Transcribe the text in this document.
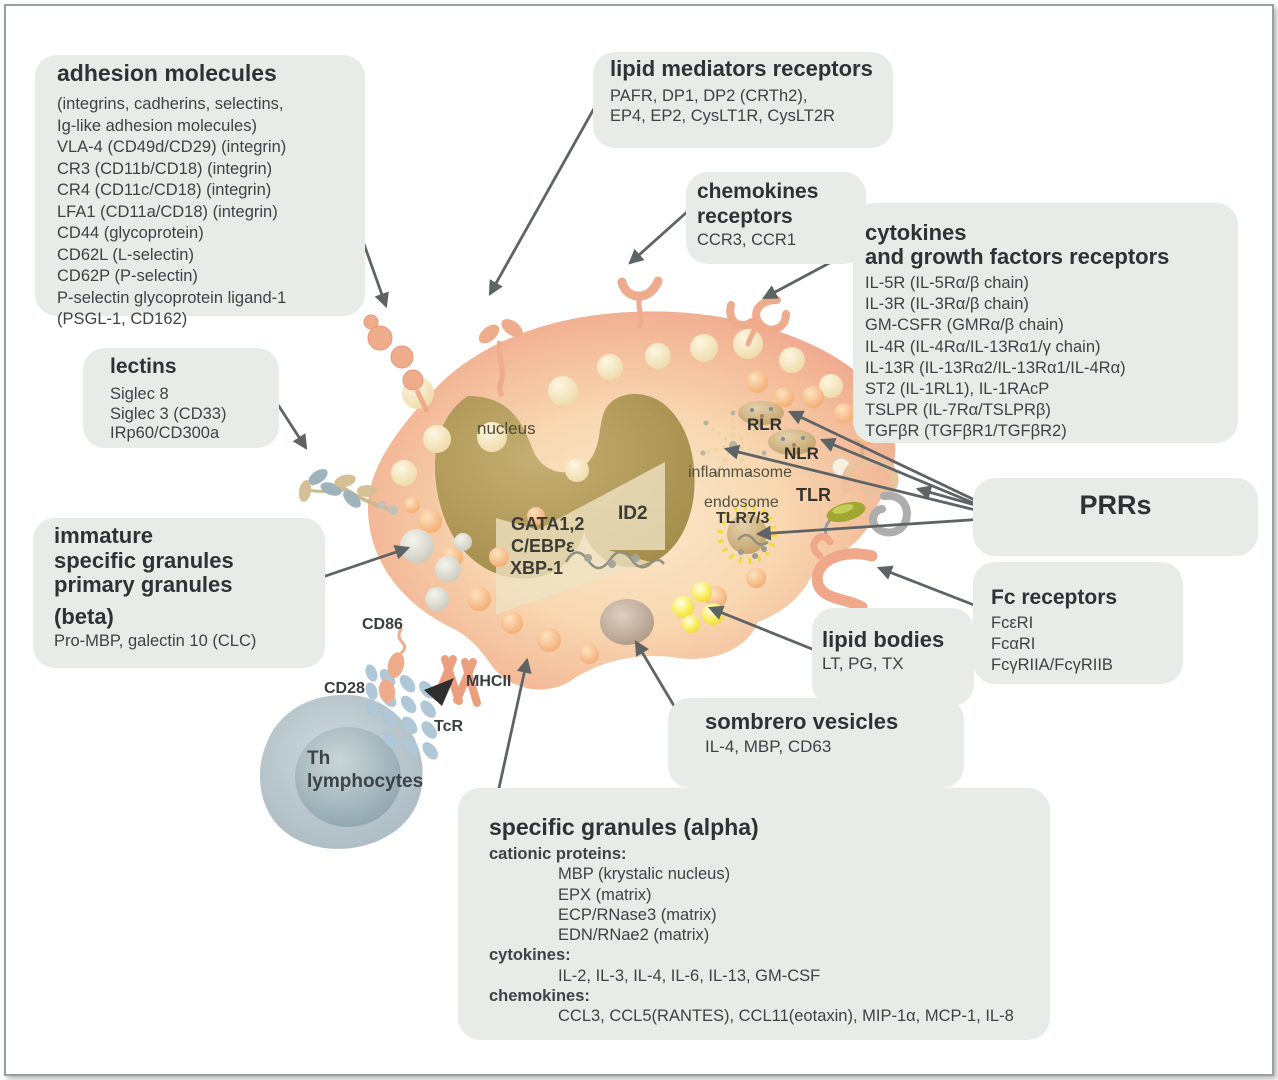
adhesion molecules

(integrins, cadherins, selectins,

Ig-like adhesion molecules)

VLA-4 (CD49d/CD29) (integrin)

CR3 (CD11b/CD18) (integrin)

CR4 (CD11c/CD18) (integrin)

LFA1 (CD11a/CD18) (integrin)

CD44 (glycoprotein)

CD62L (L-selectin)

CD62P (P-selectin)

P-selectin glycoprotein ligand-1

(PSGL-1, CD162)

lipid mediators receptors

PAFR, DP1, DP2 (CRTh2),

EP4, EP2, CysLT1R, CysLT2R

chemokines

receptors

CCR3, CCR1	cytokines

and growth factors receptors

IL-5R (IL-5Rα/β chain)

IL-3R (IL-3Rα/β chain)

GM-CSFR (GMRα/β chain)

IL-4R (IL-4Rα/IL-13Rα1/γ chain)

IL-13R (IL-13Rα2/IL-13Rα1/IL-4Rα)

ST2 (IL-1RL1), IL-1RAcP

TSLPR (IL-7Rα/TSLPRβ)

TGFβR (TGFβR1/TGFβR2)

lectins

Siglec 8

Siglec 3 (CD33)

IRp60/CD300a

immature

specific granules

primary granules

(beta)

Pro-MBP, galectin 10 (CLC)

PRRs

Fc receptors

FcεRI

FcαRI

FcγRIIA/FcγRIIB

lipid bodies

LT, PG, TX

sombrero vesicles

IL-4, MBP, CD63

specific granules (alpha)

cationic proteins:

MBP (krystalic nucleus)

EPX (matrix)

ECP/RNase3 (matrix)

EDN/RNae2 (matrix)

cytokines:

IL-2, IL-3, IL-4, IL-6, IL-13, GM-CSF

chemokines:

CCL3, CCL5(RANTES), CCL11(eotaxin), MIP-1α, MCP-1, IL-8

nucleus
GATA1,2
C/EBPε
XBP-1
ID2
inflammasome
endosome
TLR7/3
RLR
NLR
TLR
CD86
CD28	MHCII
TcR
Th
lymphocytes
